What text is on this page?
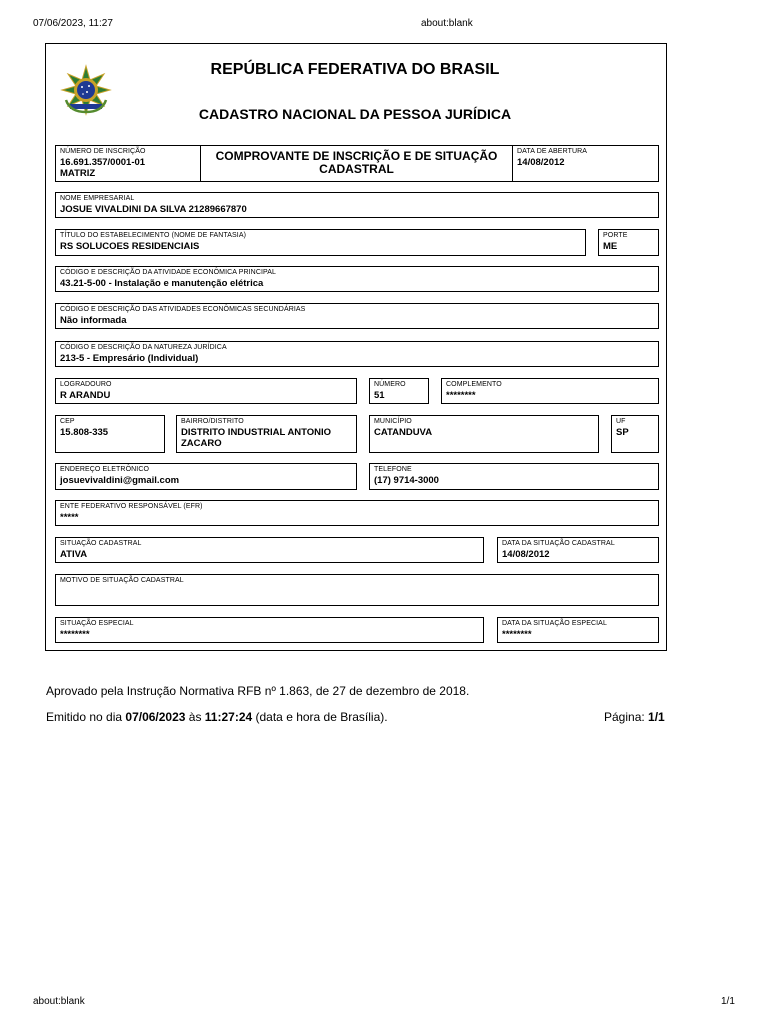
07/06/2023, 11:27	about:blank
REPÚBLICA FEDERATIVA DO BRASIL
CADASTRO NACIONAL DA PESSOA JURÍDICA
NÚMERO DE INSCRIÇÃO
16.691.357/0001-01
MATRIZ
COMPROVANTE DE INSCRIÇÃO E DE SITUAÇÃO
CADASTRAL
DATA DE ABERTURA
14/08/2012
NOME EMPRESARIAL
JOSUE VIVALDINI DA SILVA 21289667870
TÍTULO DO ESTABELECIMENTO (NOME DE FANTASIA)
RS SOLUCOES RESIDENCIAIS
PORTE
ME
CÓDIGO E DESCRIÇÃO DA ATIVIDADE ECONÔMICA PRINCIPAL
43.21-5-00 - Instalação e manutenção elétrica
CÓDIGO E DESCRIÇÃO DAS ATIVIDADES ECONÔMICAS SECUNDÁRIAS
Não informada
CÓDIGO E DESCRIÇÃO DA NATUREZA JURÍDICA
213-5 - Empresário (Individual)
LOGRADOURO
R ARANDU
NÚMERO
51
COMPLEMENTO
********
CEP
15.808-335
BAIRRO/DISTRITO
DISTRITO INDUSTRIAL ANTONIO
ZACARO
MUNICÍPIO
CATANDUVA
UF
SP
ENDEREÇO ELETRÔNICO
josuevivaldini@gmail.com
TELEFONE
(17) 9714-3000
ENTE FEDERATIVO RESPONSÁVEL (EFR)
*****
SITUAÇÃO CADASTRAL
ATIVA
DATA DA SITUAÇÃO CADASTRAL
14/08/2012
MOTIVO DE SITUAÇÃO CADASTRAL
SITUAÇÃO ESPECIAL
********
DATA DA SITUAÇÃO ESPECIAL
********
Aprovado pela Instrução Normativa RFB nº 1.863, de 27 de dezembro de 2018.
Emitido no dia 07/06/2023 às 11:27:24 (data e hora de Brasília).	Página: 1/1
about:blank	1/1
